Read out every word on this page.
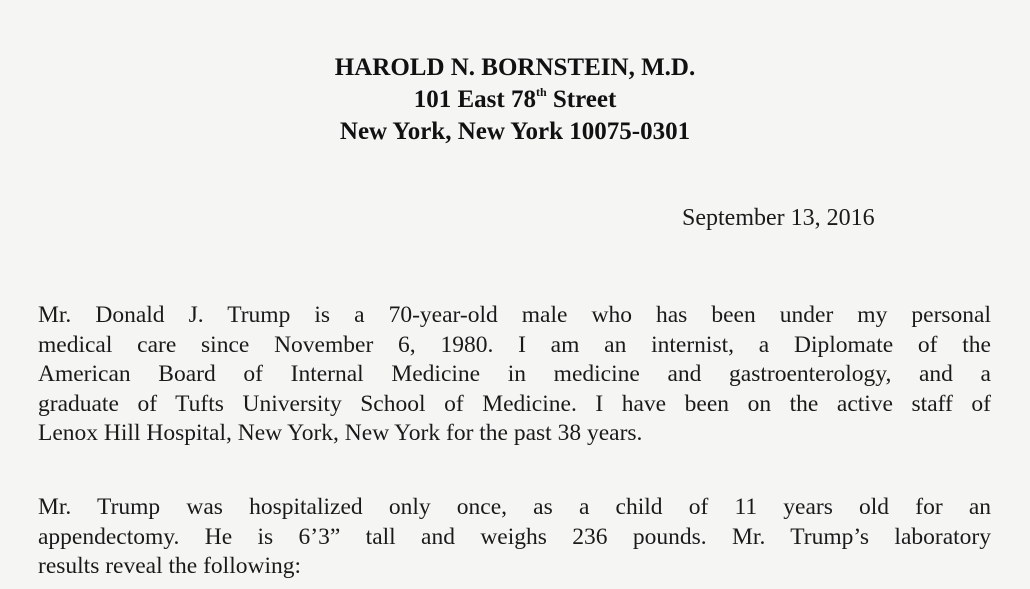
HAROLD N. BORNSTEIN, M.D.
101 East 78th Street
New York, New York 10075-0301
September 13, 2016
Mr. Donald J. Trump is a 70-year-old male who has been under my personal
medical care since November 6, 1980. I am an internist, a Diplomate of the
American Board of Internal Medicine in medicine and gastroenterology, and a
graduate of Tufts University School of Medicine. I have been on the active staff of
Lenox Hill Hospital, New York, New York for the past 38 years.
Mr. Trump was hospitalized only once, as a child of 11 years old for an
appendectomy. He is 6’3” tall and weighs 236 pounds. Mr. Trump’s laboratory
results reveal the following:
